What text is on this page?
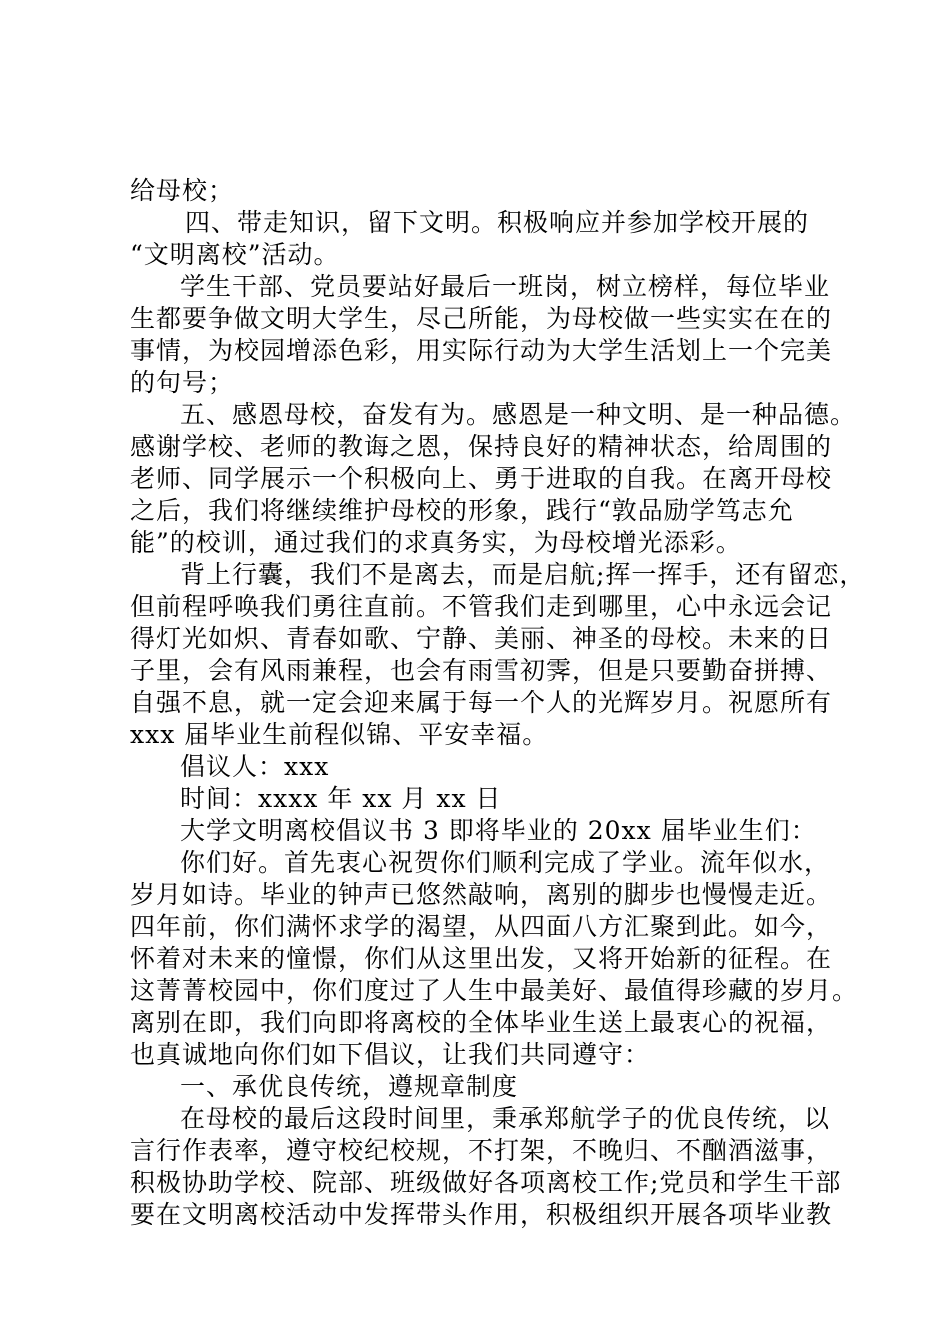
给母校；

四、带走知识，留下文明。积极响应并参加学校开展的

“文明离校”活动。

学生干部、党员要站好最后一班岗，树立榜样，每位毕业

生都要争做文明大学生，尽己所能，为母校做一些实实在在的

事情，为校园增添色彩，用实际行动为大学生活划上一个完美

的句号；

五、感恩母校，奋发有为。感恩是一种文明、是一种品德。

感谢学校、老师的教诲之恩，保持良好的精神状态，给周围的

老师、同学展示一个积极向上、勇于进取的自我。在离开母校

之后，我们将继续维护母校的形象，践行“敦品励学笃志允

能”的校训，通过我们的求真务实，为母校增光添彩。

背上行囊，我们不是离去，而是启航;挥一挥手，还有留恋，

但前程呼唤我们勇往直前。不管我们走到哪里，心中永远会记

得灯光如炽、青春如歌、宁静、美丽、神圣的母校。未来的日

子里，会有风雨兼程，也会有雨雪初霁，但是只要勤奋拼搏、

自强不息，就一定会迎来属于每一个人的光辉岁月。祝愿所有

xxx 届毕业生前程似锦、平安幸福。

倡议人：xxx

时间：xxxx 年 xx 月 xx 日

大学文明离校倡议书 3 即将毕业的 20xx 届毕业生们：

你们好。首先衷心祝贺你们顺利完成了学业。流年似水，

岁月如诗。毕业的钟声已悠然敲响，离别的脚步也慢慢走近。

四年前，你们满怀求学的渴望，从四面八方汇聚到此。如今，

怀着对未来的憧憬，你们从这里出发，又将开始新的征程。在

这菁菁校园中，你们度过了人生中最美好、最值得珍藏的岁月。

离别在即，我们向即将离校的全体毕业生送上最衷心的祝福，

也真诚地向你们如下倡议，让我们共同遵守：

一、承优良传统，遵规章制度

在母校的最后这段时间里，秉承郑航学子的优良传统，以

言行作表率，遵守校纪校规，不打架，不晚归、不酗酒滋事，

积极协助学校、院部、班级做好各项离校工作;党员和学生干部

要在文明离校活动中发挥带头作用，积极组织开展各项毕业教
